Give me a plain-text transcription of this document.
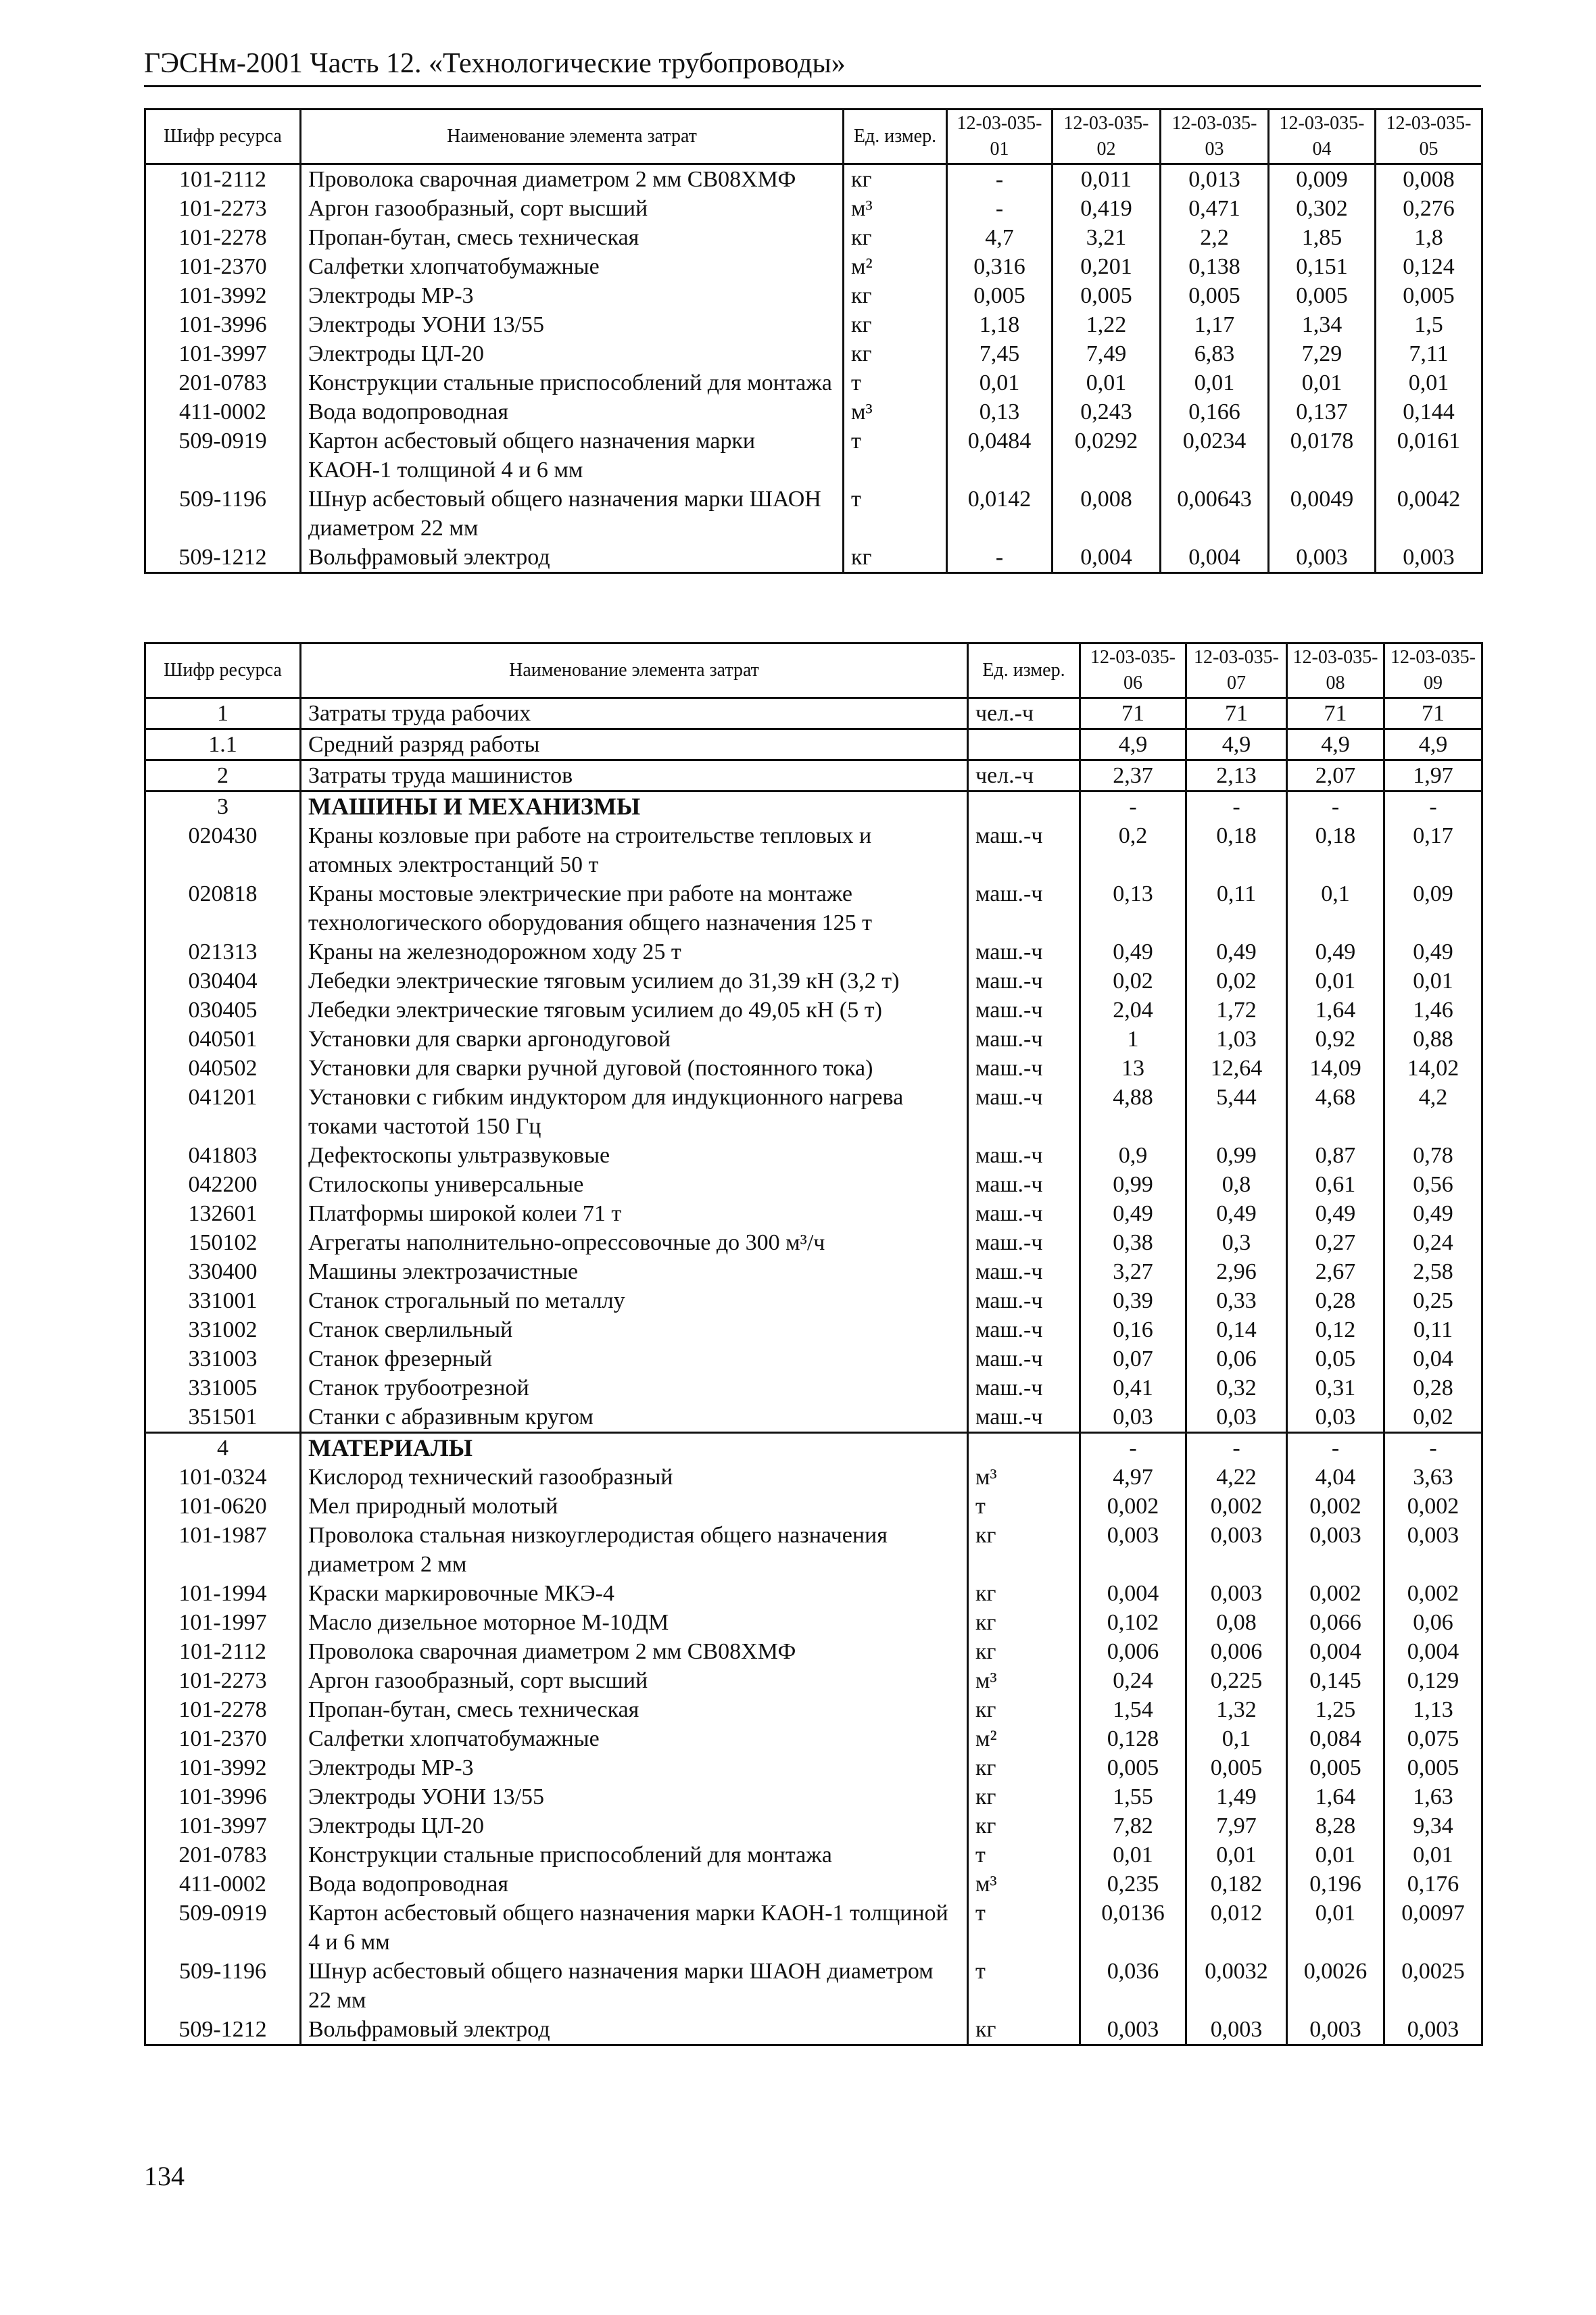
ГЭСНм-2001 Часть 12. «Технологические трубопроводы»
Шифр ресурса	Наименование элемента затрат	Ед. измер.	12-03-035-01	12-03-035-02	12-03-035-03	12-03-035-04	12-03-035-05
101-2112	Проволока сварочная диаметром 2 мм СВ08ХМФ	кг	-	0,011	0,013	0,009	0,008
101-2273	Аргон газообразный, сорт высший	м³	-	0,419	0,471	0,302	0,276
101-2278	Пропан-бутан, смесь техническая	кг	4,7	3,21	2,2	1,85	1,8
101-2370	Салфетки хлопчатобумажные	м²	0,316	0,201	0,138	0,151	0,124
101-3992	Электроды МР-3	кг	0,005	0,005	0,005	0,005	0,005
101-3996	Электроды УОНИ 13/55	кг	1,18	1,22	1,17	1,34	1,5
101-3997	Электроды ЦЛ-20	кг	7,45	7,49	6,83	7,29	7,11
201-0783	Конструкции стальные приспособлений для монтажа	т	0,01	0,01	0,01	0,01	0,01
411-0002	Вода водопроводная	м³	0,13	0,243	0,166	0,137	0,144
509-0919	Картон асбестовый общего назначения марки КАОН-1 толщиной 4 и 6 мм	т	0,0484	0,0292	0,0234	0,0178	0,0161
509-1196	Шнур асбестовый общего назначения марки ШАОН диаметром 22 мм	т	0,0142	0,008	0,00643	0,0049	0,0042
509-1212	Вольфрамовый электрод	кг	-	0,004	0,004	0,003	0,003
Шифр ресурса	Наименование элемента затрат	Ед. измер.	12-03-035-06	12-03-035-07	12-03-035-08	12-03-035-09
1	Затраты труда рабочих	чел.-ч	71	71	71	71
1.1	Средний разряд работы		4,9	4,9	4,9	4,9
2	Затраты труда машинистов	чел.-ч	2,37	2,13	2,07	1,97
3	МАШИНЫ И МЕХАНИЗМЫ		-	-	-	-
020430	Краны козловые при работе на строительстве тепловых и атомных электростанций 50 т	маш.-ч	0,2	0,18	0,18	0,17
020818	Краны мостовые электрические при работе на монтаже технологического оборудования общего назначения 125 т	маш.-ч	0,13	0,11	0,1	0,09
021313	Краны на железнодорожном ходу 25 т	маш.-ч	0,49	0,49	0,49	0,49
030404	Лебедки электрические тяговым усилием до 31,39 кН (3,2 т)	маш.-ч	0,02	0,02	0,01	0,01
030405	Лебедки электрические тяговым усилием до 49,05 кН (5 т)	маш.-ч	2,04	1,72	1,64	1,46
040501	Установки для сварки аргонодуговой	маш.-ч	1	1,03	0,92	0,88
040502	Установки для сварки ручной дуговой (постоянного тока)	маш.-ч	13	12,64	14,09	14,02
041201	Установки с гибким индуктором для индукционного нагрева токами частотой 150 Гц	маш.-ч	4,88	5,44	4,68	4,2
041803	Дефектоскопы ультразвуковые	маш.-ч	0,9	0,99	0,87	0,78
042200	Стилоскопы универсальные	маш.-ч	0,99	0,8	0,61	0,56
132601	Платформы широкой колеи 71 т	маш.-ч	0,49	0,49	0,49	0,49
150102	Агрегаты наполнительно-опрессовочные до 300 м³/ч	маш.-ч	0,38	0,3	0,27	0,24
330400	Машины электрозачистные	маш.-ч	3,27	2,96	2,67	2,58
331001	Станок строгальный по металлу	маш.-ч	0,39	0,33	0,28	0,25
331002	Станок сверлильный	маш.-ч	0,16	0,14	0,12	0,11
331003	Станок фрезерный	маш.-ч	0,07	0,06	0,05	0,04
331005	Станок трубоотрезной	маш.-ч	0,41	0,32	0,31	0,28
351501	Станки с абразивным кругом	маш.-ч	0,03	0,03	0,03	0,02
4	МАТЕРИАЛЫ		-	-	-	-
101-0324	Кислород технический газообразный	м³	4,97	4,22	4,04	3,63
101-0620	Мел природный молотый	т	0,002	0,002	0,002	0,002
101-1987	Проволока стальная низкоуглеродистая общего назначения диаметром 2 мм	кг	0,003	0,003	0,003	0,003
101-1994	Краски маркировочные МКЭ-4	кг	0,004	0,003	0,002	0,002
101-1997	Масло дизельное моторное М-10ДМ	кг	0,102	0,08	0,066	0,06
101-2112	Проволока сварочная диаметром 2 мм СВ08ХМФ	кг	0,006	0,006	0,004	0,004
101-2273	Аргон газообразный, сорт высший	м³	0,24	0,225	0,145	0,129
101-2278	Пропан-бутан, смесь техническая	кг	1,54	1,32	1,25	1,13
101-2370	Салфетки хлопчатобумажные	м²	0,128	0,1	0,084	0,075
101-3992	Электроды МР-3	кг	0,005	0,005	0,005	0,005
101-3996	Электроды УОНИ 13/55	кг	1,55	1,49	1,64	1,63
101-3997	Электроды ЦЛ-20	кг	7,82	7,97	8,28	9,34
201-0783	Конструкции стальные приспособлений для монтажа	т	0,01	0,01	0,01	0,01
411-0002	Вода водопроводная	м³	0,235	0,182	0,196	0,176
509-0919	Картон асбестовый общего назначения марки КАОН-1 толщиной 4 и 6 мм	т	0,0136	0,012	0,01	0,0097
509-1196	Шнур асбестовый общего назначения марки ШАОН диаметром 22 мм	т	0,036	0,0032	0,0026	0,0025
509-1212	Вольфрамовый электрод	кг	0,003	0,003	0,003	0,003
134
